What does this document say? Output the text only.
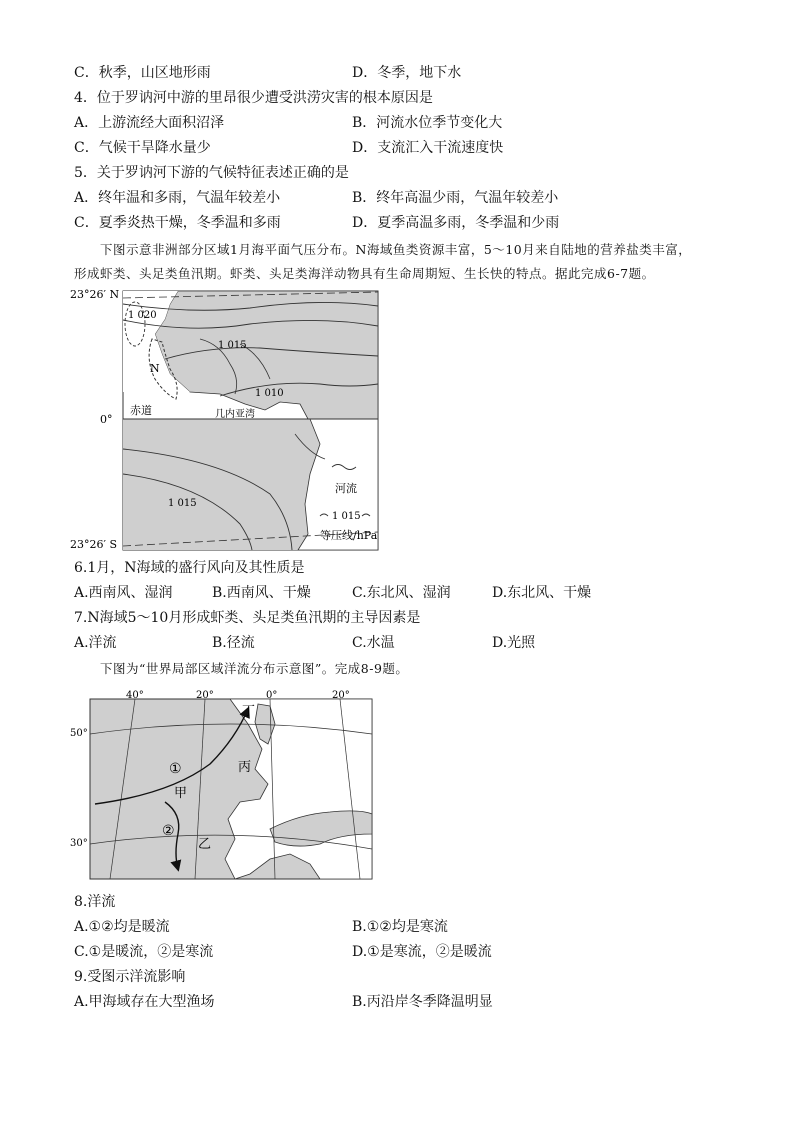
C．秋季，山区地形雨	D．冬季，地下水
4．位于罗讷河中游的里昂很少遭受洪涝灾害的根本原因是
A．上游流经大面积沼泽	B．河流水位季节变化大
C．气候干旱降水量少	D．支流汇入干流速度快
5．关于罗讷河下游的气候特征表述正确的是
A．终年温和多雨，气温年较差小	B．终年高温少雨，气温年较差小
C．夏季炎热干燥，冬季温和多雨	D．夏季高温多雨，冬季温和少雨
下图示意非洲部分区域1月海平面气压分布。N海域鱼类资源丰富，5～10月来自陆地的营养盐类丰富，
形成虾类、头足类鱼汛期。虾类、头足类海洋动物具有生命周期短、生长快的特点。据此完成6-7题。
23°26′ N
0°
23°26′ S
1 020
1 015
1 010
1 015
N
赤道	几内亚湾
河流
1 015
等压线/hPa
6.1月，N海域的盛行风向及其性质是
A.西南风、湿润	B.西南风、干燥	C.东北风、湿润	D.东北风、干燥
7.N海域5～10月形成虾类、头足类鱼汛期的主导因素是
A.洋流	B.径流	C.水温	D.光照
下图为“世界局部区域洋流分布示意图”。完成8-9题。
40°	20°	0°	20°
50°
30°
①
②
甲
乙
丙
丁
8.洋流
A.①②均是暖流	B.①②均是寒流
C.①是暖流，②是寒流	D.①是寒流，②是暖流
9.受图示洋流影响
A.甲海域存在大型渔场	B.丙沿岸冬季降温明显
